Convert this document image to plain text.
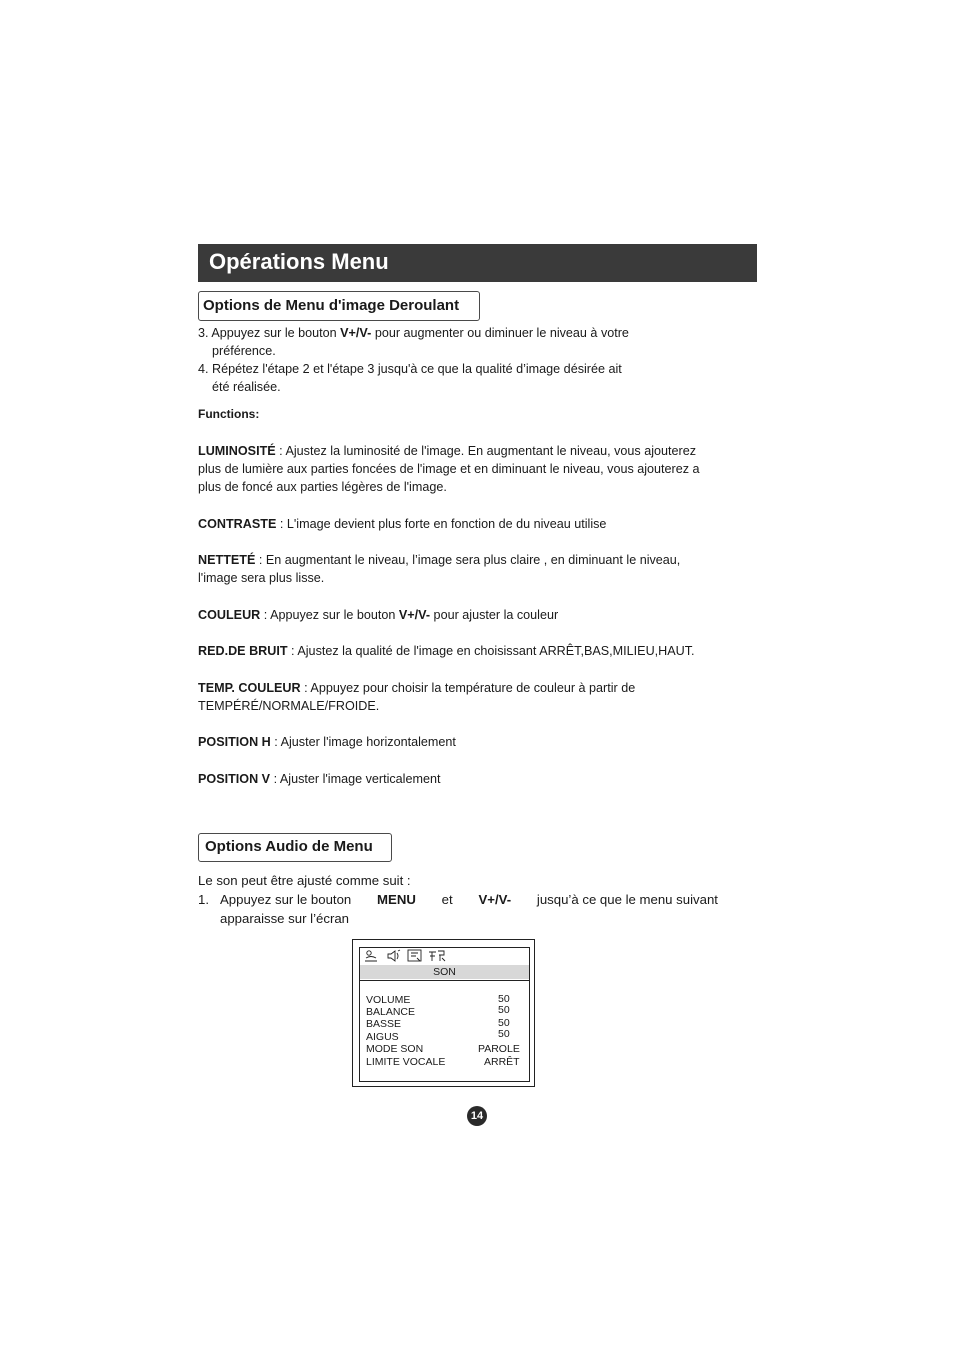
Opérations Menu
Options de Menu d'image Deroulant
3. Appuyez sur le bouton V+/V- pour augmenter ou diminuer le niveau à votre
préférence.
4. Répétez l'étape 2 et l'étape 3 jusqu'à ce que la qualité d’image désirée ait
été réalisée.
Functions:
LUMINOSITÉ : Ajustez la luminosité de l'image. En augmentant le niveau, vous ajouterez
plus de lumière aux parties foncées de l'image et en diminuant le niveau, vous ajouterez a
plus de foncé aux parties légères de l'image.
CONTRASTE : L'image devient plus forte en fonction de du niveau utilise
NETTETÉ : En augmentant le niveau, l’image sera plus claire , en diminuant le niveau,
l'image sera plus lisse.
COULEUR : Appuyez sur le bouton V+/V- pour ajuster la couleur
RED.DE BRUIT : Ajustez la qualité de l'image en choisissant ARRÊT,BAS,MILIEU,HAUT.
TEMP. COULEUR : Appuyez pour choisir la température de couleur à partir de
TEMPÉRÉ/NORMALE/FROIDE.
POSITION H : Ajuster l'image horizontalement
POSITION V : Ajuster l'image verticalement
Options Audio de Menu
Le son peut être ajusté comme suit :
1. Appuyez sur le bouton MENU et V+/V- jusqu’à ce que le menu suivant
apparaisse sur l’écran
SON
VOLUME	50
BALANCE	50
BASSE	50
AIGUS	50
MODE SON	PAROLE
LIMITE VOCALE	ARRÊT
14
